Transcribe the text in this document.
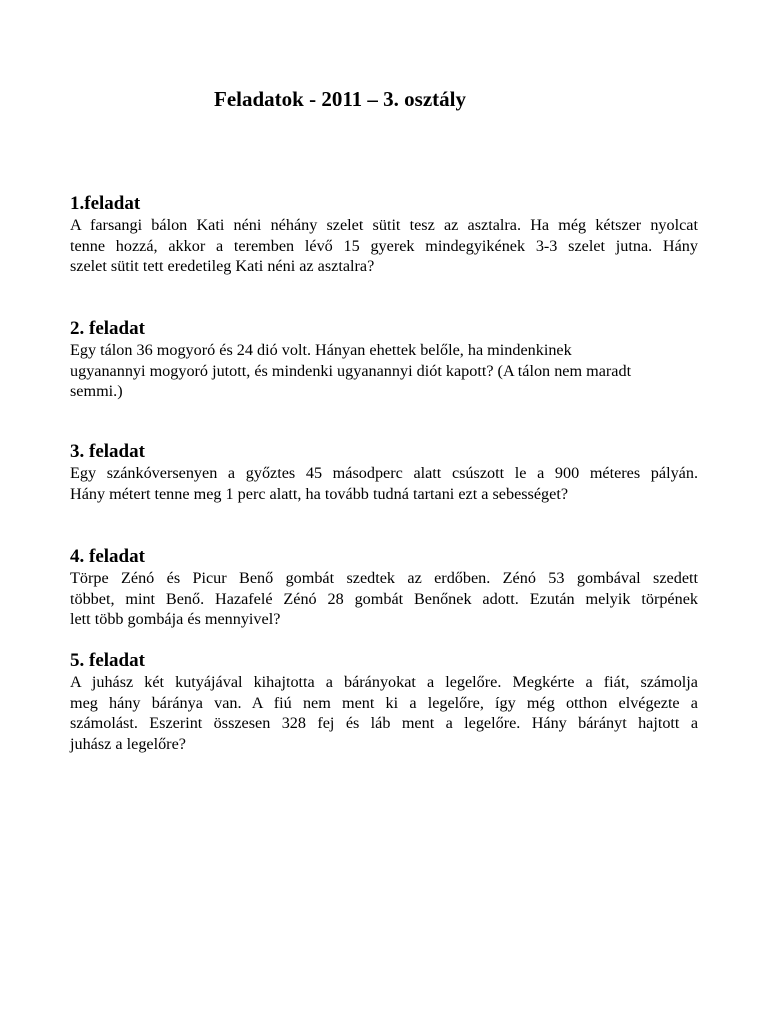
Feladatok - 2011 – 3. osztály
1.feladat

A farsangi bálon Kati néni néhány szelet sütit tesz az asztalra. Ha még kétszer nyolcat
tenne hozzá, akkor a teremben lévő 15 gyerek mindegyikének 3-3 szelet jutna. Hány
szelet sütit tett eredetileg Kati néni az asztalra?

2. feladat

Egy tálon 36 mogyoró és 24 dió volt. Hányan ehettek belőle, ha mindenkinek
ugyanannyi mogyoró jutott, és mindenki ugyanannyi diót kapott? (A tálon nem maradt
semmi.)

3. feladat

Egy szánkóversenyen a győztes 45 másodperc alatt csúszott le a 900 méteres pályán.
Hány métert tenne meg 1 perc alatt, ha tovább tudná tartani ezt a sebességet?

4. feladat

Törpe Zénó és Picur Benő gombát szedtek az erdőben. Zénó 53 gombával szedett
többet, mint Benő. Hazafelé Zénó 28 gombát Benőnek adott. Ezután melyik törpének
lett több gombája és mennyivel?

5. feladat

A juhász két kutyájával kihajtotta a bárányokat a legelőre. Megkérte a fiát, számolja
meg hány báránya van. A fiú nem ment ki a legelőre, így még otthon elvégezte a
számolást. Eszerint összesen 328 fej és láb ment a legelőre. Hány bárányt hajtott a
juhász a legelőre?
